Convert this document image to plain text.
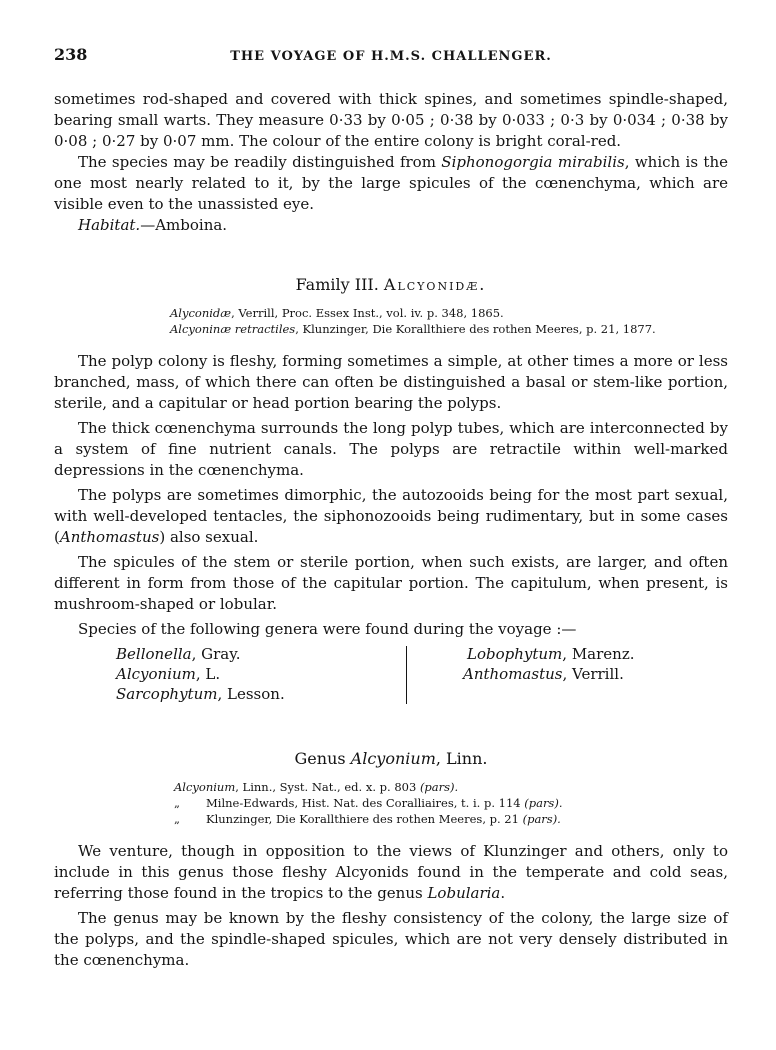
238	THE VOYAGE OF H.M.S. CHALLENGER.

sometimes rod-shaped and covered with thick spines, and sometimes spindle-shaped, bearing small warts. They measure 0·33 by 0·05 ; 0·38 by 0·033 ; 0·3 by 0·034 ; 0·38 by 0·08 ; 0·27 by 0·07 mm. The colour of the entire colony is bright coral-red.

The species may be readily distinguished from Siphonogorgia mirabilis, which is the one most nearly related to it, by the large spicules of the cœnenchyma, which are visible even to the unassisted eye.

Habitat.—Amboina.

Family III. Alcyonidæ.
Alyconidæ, Verrill, Proc. Essex Inst., vol. iv. p. 348, 1865.
Alcyoninæ retractiles, Klunzinger, Die Korallthiere des rothen Meeres, p. 21, 1877.

The polyp colony is fleshy, forming sometimes a simple, at other times a more or less branched, mass, of which there can often be distinguished a basal or stem-like portion, sterile, and a capitular or head portion bearing the polyps.

The thick cœnenchyma surrounds the long polyp tubes, which are interconnected by a system of fine nutrient canals. The polyps are retractile within well-marked depressions in the cœnenchyma.

The polyps are sometimes dimorphic, the autozooids being for the most part sexual, with well-developed tentacles, the siphonozooids being rudimentary, but in some cases (Anthomastus) also sexual.

The spicules of the stem or sterile portion, when such exists, are larger, and often different in form from those of the capitular portion. The capitulum, when present, is mushroom-shaped or lobular.

Species of the following genera were found during the voyage :—

Bellonella, Gray.
Alcyonium, L.
Sarcophytum, Lesson.
Lobophytum, Marenz.
Anthomastus, Verrill.
Genus Alcyonium, Linn.
Alcyonium, Linn., Syst. Nat., ed. x. p. 803 (pars).
„ Milne-Edwards, Hist. Nat. des Coralliaires, t. i. p. 114 (pars).
„ Klunzinger, Die Korallthiere des rothen Meeres, p. 21 (pars).

We venture, though in opposition to the views of Klunzinger and others, only to include in this genus those fleshy Alcyonids found in the temperate and cold seas, referring those found in the tropics to the genus Lobularia.

The genus may be known by the fleshy consistency of the colony, the large size of the polyps, and the spindle-shaped spicules, which are not very densely distributed in the cœnenchyma.
